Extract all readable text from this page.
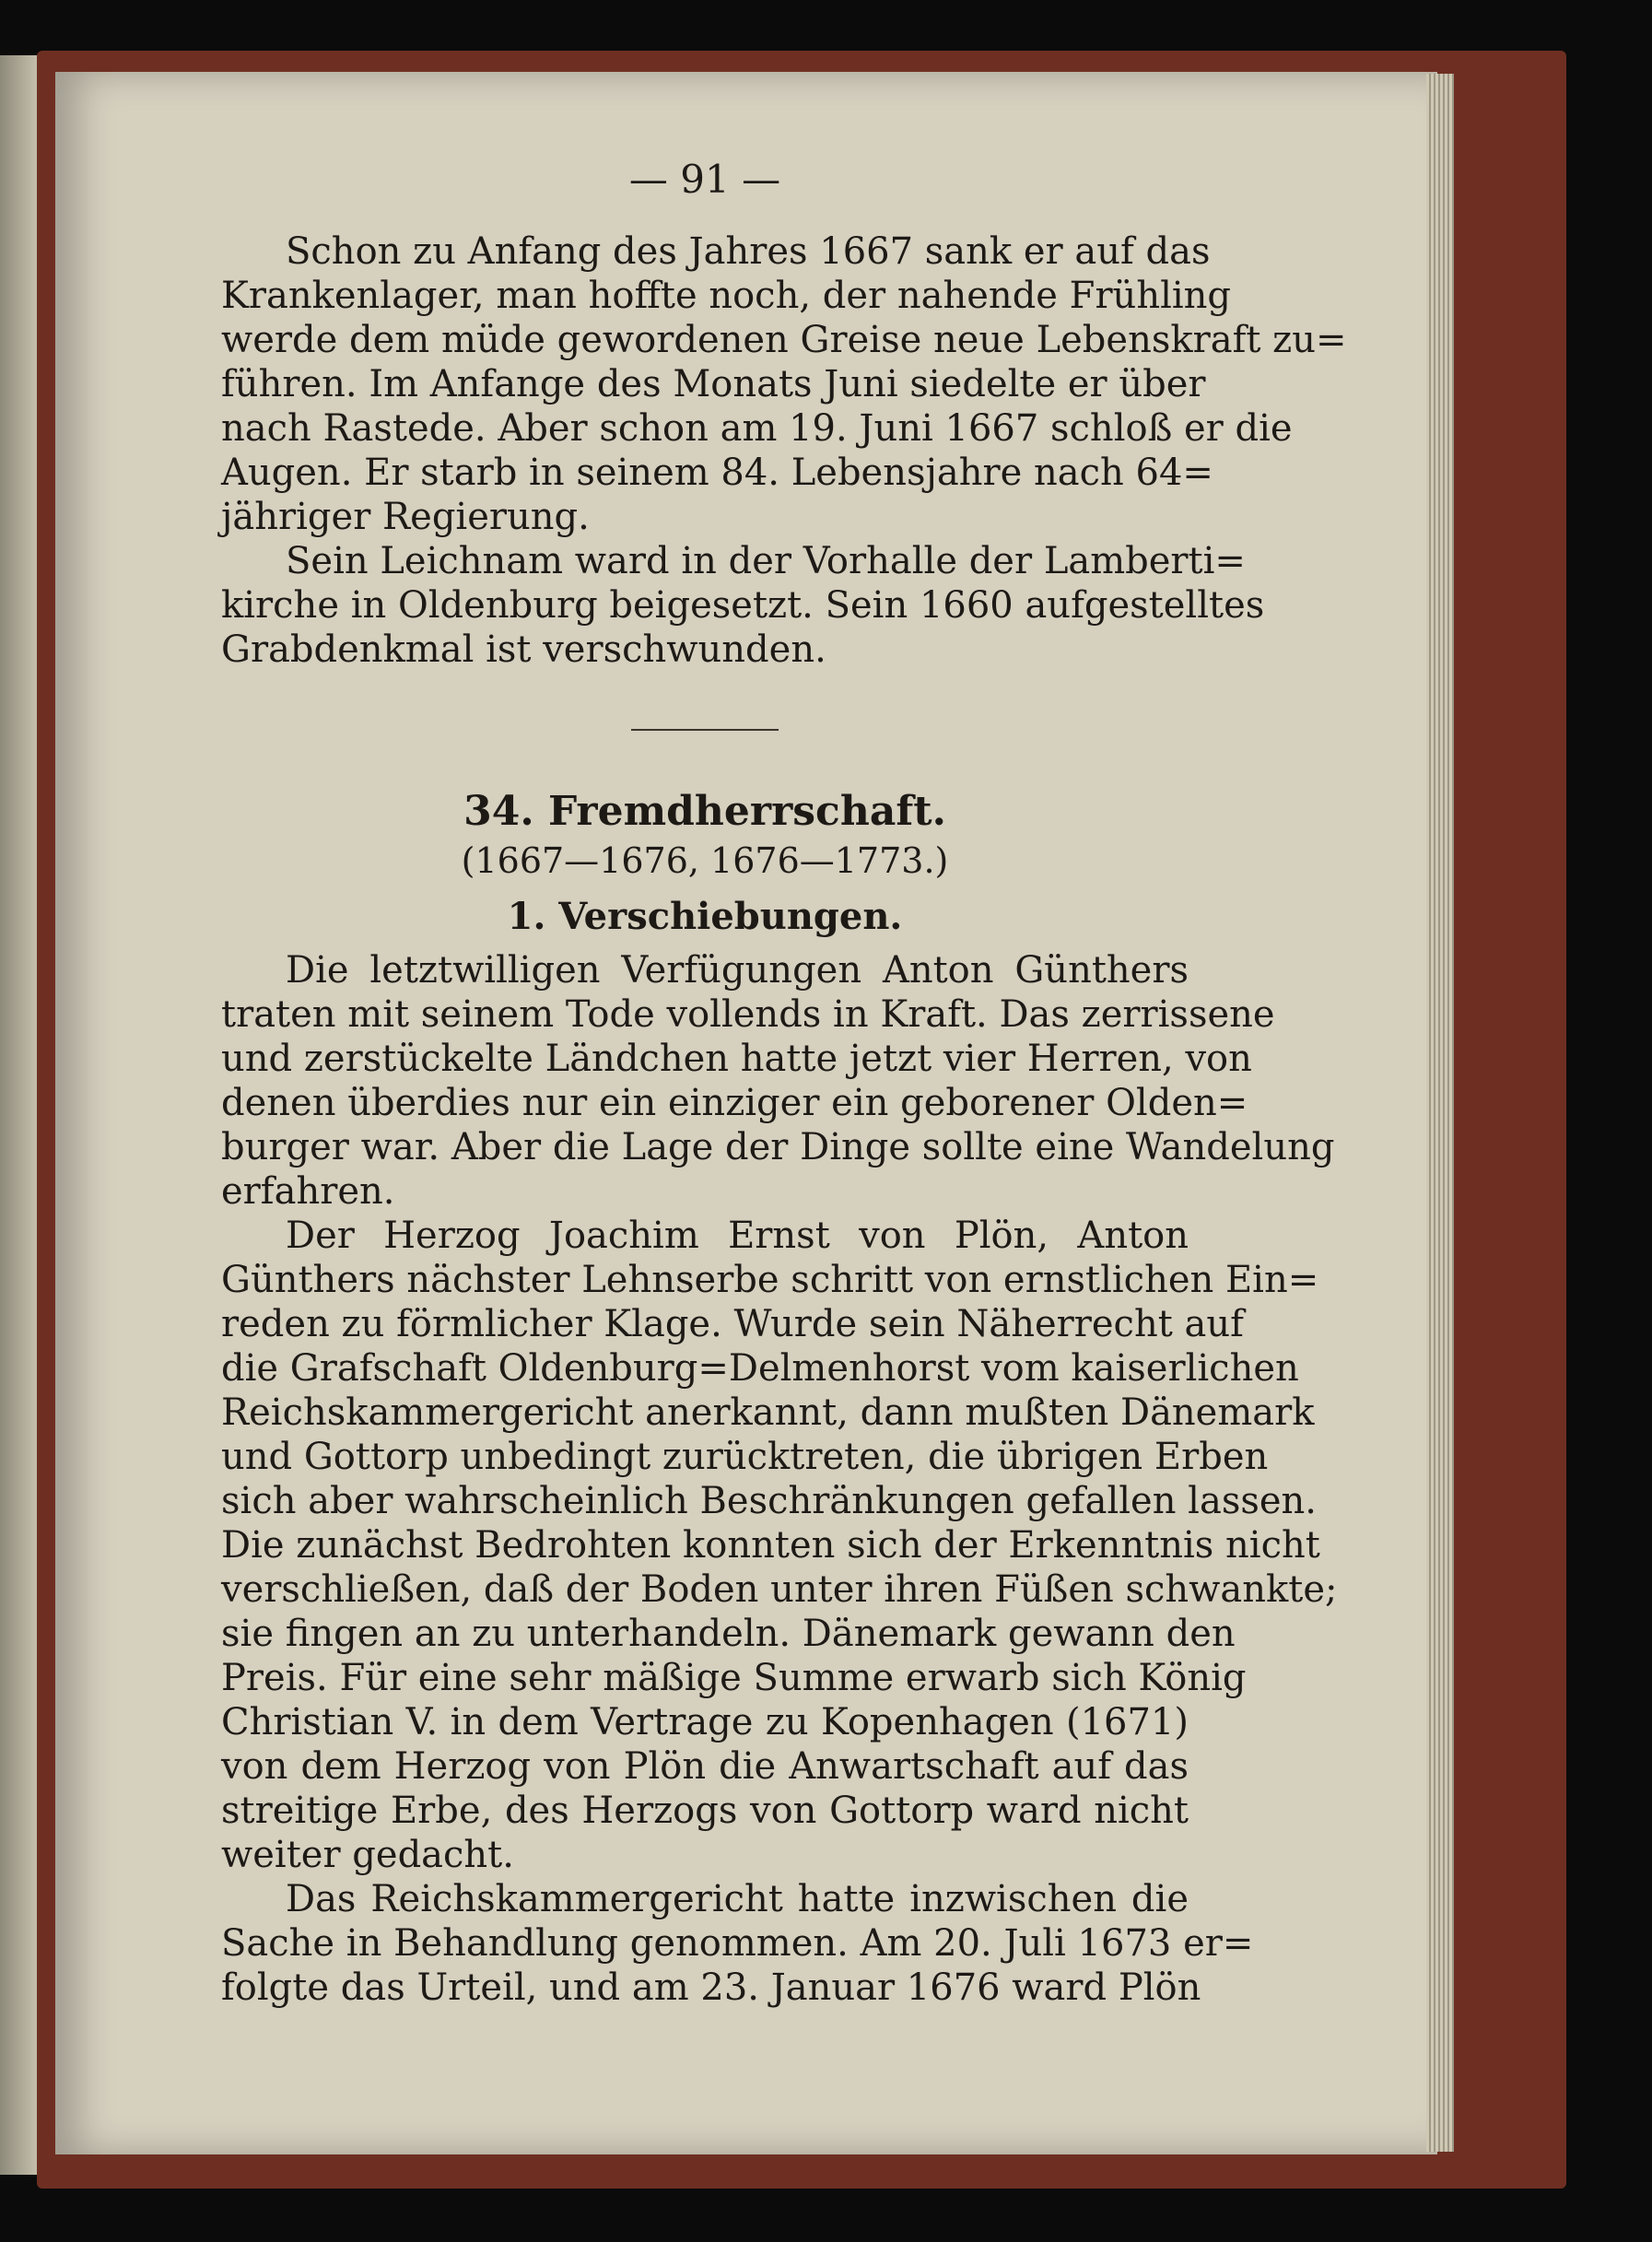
— 91 —
Schon zu Anfang des Jahres 1667 sank er auf das
Krankenlager, man hoffte noch, der nahende Frühling
werde dem müde gewordenen Greise neue Lebenskraft zu=
führen. Im Anfange des Monats Juni siedelte er über
nach Rastede. Aber schon am 19. Juni 1667 schloß er die
Augen. Er starb in seinem 84. Lebensjahre nach 64=
jähriger Regierung.
Sein Leichnam ward in der Vorhalle der Lamberti=
kirche in Oldenburg beigesetzt. Sein 1660 aufgestelltes
Grabdenkmal ist verschwunden.
34. Fremdherrschaft.
(1667—1676, 1676—1773.)
1. Verschiebungen.
Die letztwilligen Verfügungen Anton Günthers
traten mit seinem Tode vollends in Kraft. Das zerrissene
und zerstückelte Ländchen hatte jetzt vier Herren, von
denen überdies nur ein einziger ein geborener Olden=
burger war. Aber die Lage der Dinge sollte eine Wandelung
erfahren.
Der Herzog Joachim Ernst von Plön, Anton
Günthers nächster Lehnserbe schritt von ernstlichen Ein=
reden zu förmlicher Klage. Wurde sein Näherrecht auf
die Grafschaft Oldenburg=Delmenhorst vom kaiserlichen
Reichskammergericht anerkannt, dann mußten Dänemark
und Gottorp unbedingt zurücktreten, die übrigen Erben
sich aber wahrscheinlich Beschränkungen gefallen lassen.
Die zunächst Bedrohten konnten sich der Erkenntnis nicht
verschließen, daß der Boden unter ihren Füßen schwankte;
sie fingen an zu unterhandeln. Dänemark gewann den
Preis. Für eine sehr mäßige Summe erwarb sich König
Christian V. in dem Vertrage zu Kopenhagen (1671)
von dem Herzog von Plön die Anwartschaft auf das
streitige Erbe, des Herzogs von Gottorp ward nicht
weiter gedacht.
Das Reichskammergericht hatte inzwischen die
Sache in Behandlung genommen. Am 20. Juli 1673 er=
folgte das Urteil, und am 23. Januar 1676 ward Plön
